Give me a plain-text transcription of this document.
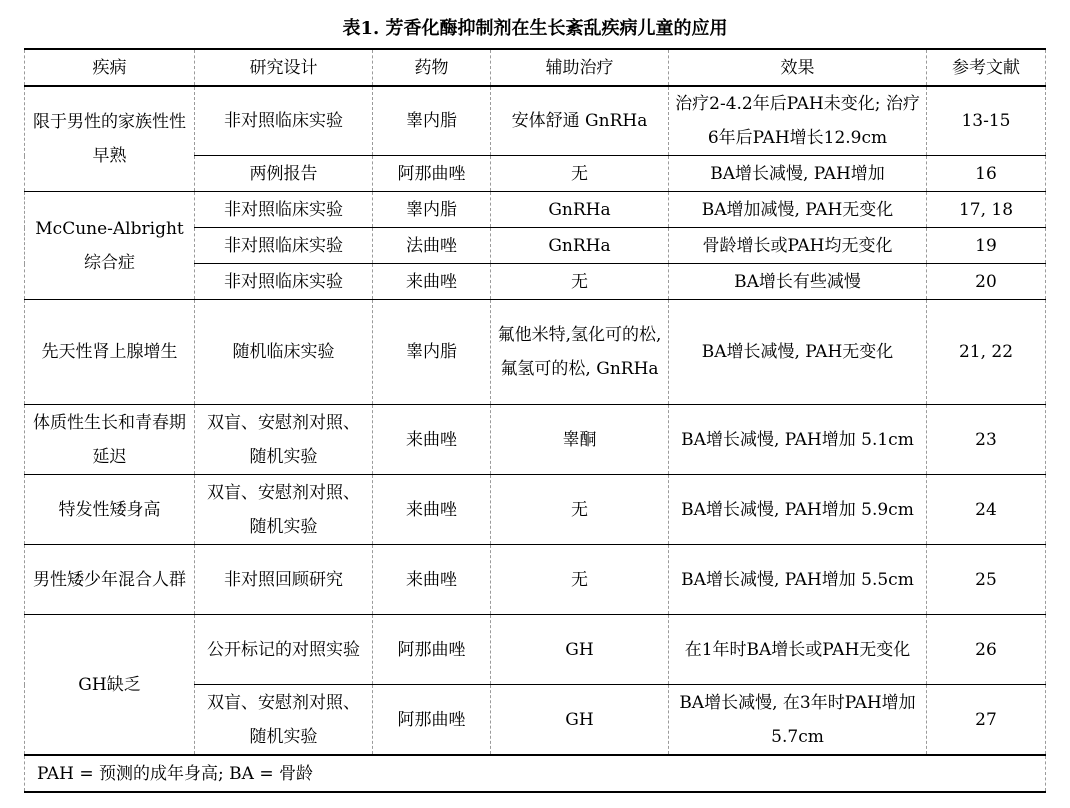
表1. 芳香化酶抑制剂在生长紊乱疾病儿童的应用
疾病	研究设计	药物	辅助治疗	效果	参考文献
限于男性的家族性性早熟	非对照临床实验	睾内脂	安体舒通 GnRHa	治疗2-4.2年后PAH未变化; 治疗6年后PAH增长12.9cm	13-15
	两例报告	阿那曲唑	无	BA增长减慢, PAH增加	16
McCune-Albright 综合症	非对照临床实验	睾内脂	GnRHa	BA增加减慢, PAH无变化	17, 18
	非对照临床实验	法曲唑	GnRHa	骨龄增长或PAH均无变化	19
	非对照临床实验	来曲唑	无	BA增长有些减慢	20
先天性肾上腺增生	随机临床实验	睾内脂	氟他米特,氢化可的松,氟氢可的松, GnRHa	BA增长减慢, PAH无变化	21, 22
体质性生长和青春期延迟	双盲、安慰剂对照、随机实验	来曲唑	睾酮	BA增长减慢, PAH增加 5.1cm	23
特发性矮身高	双盲、安慰剂对照、随机实验	来曲唑	无	BA增长减慢, PAH增加 5.9cm	24
男性矮少年混合人群	非对照回顾研究	来曲唑	无	BA增长减慢, PAH增加 5.5cm	25
GH缺乏	公开标记的对照实验	阿那曲唑	GH	在1年时BA增长或PAH无变化	26
	双盲、安慰剂对照、随机实验	阿那曲唑	GH	BA增长减慢, 在3年时PAH增加5.7cm	27
PAH = 预测的成年身高; BA = 骨龄					
